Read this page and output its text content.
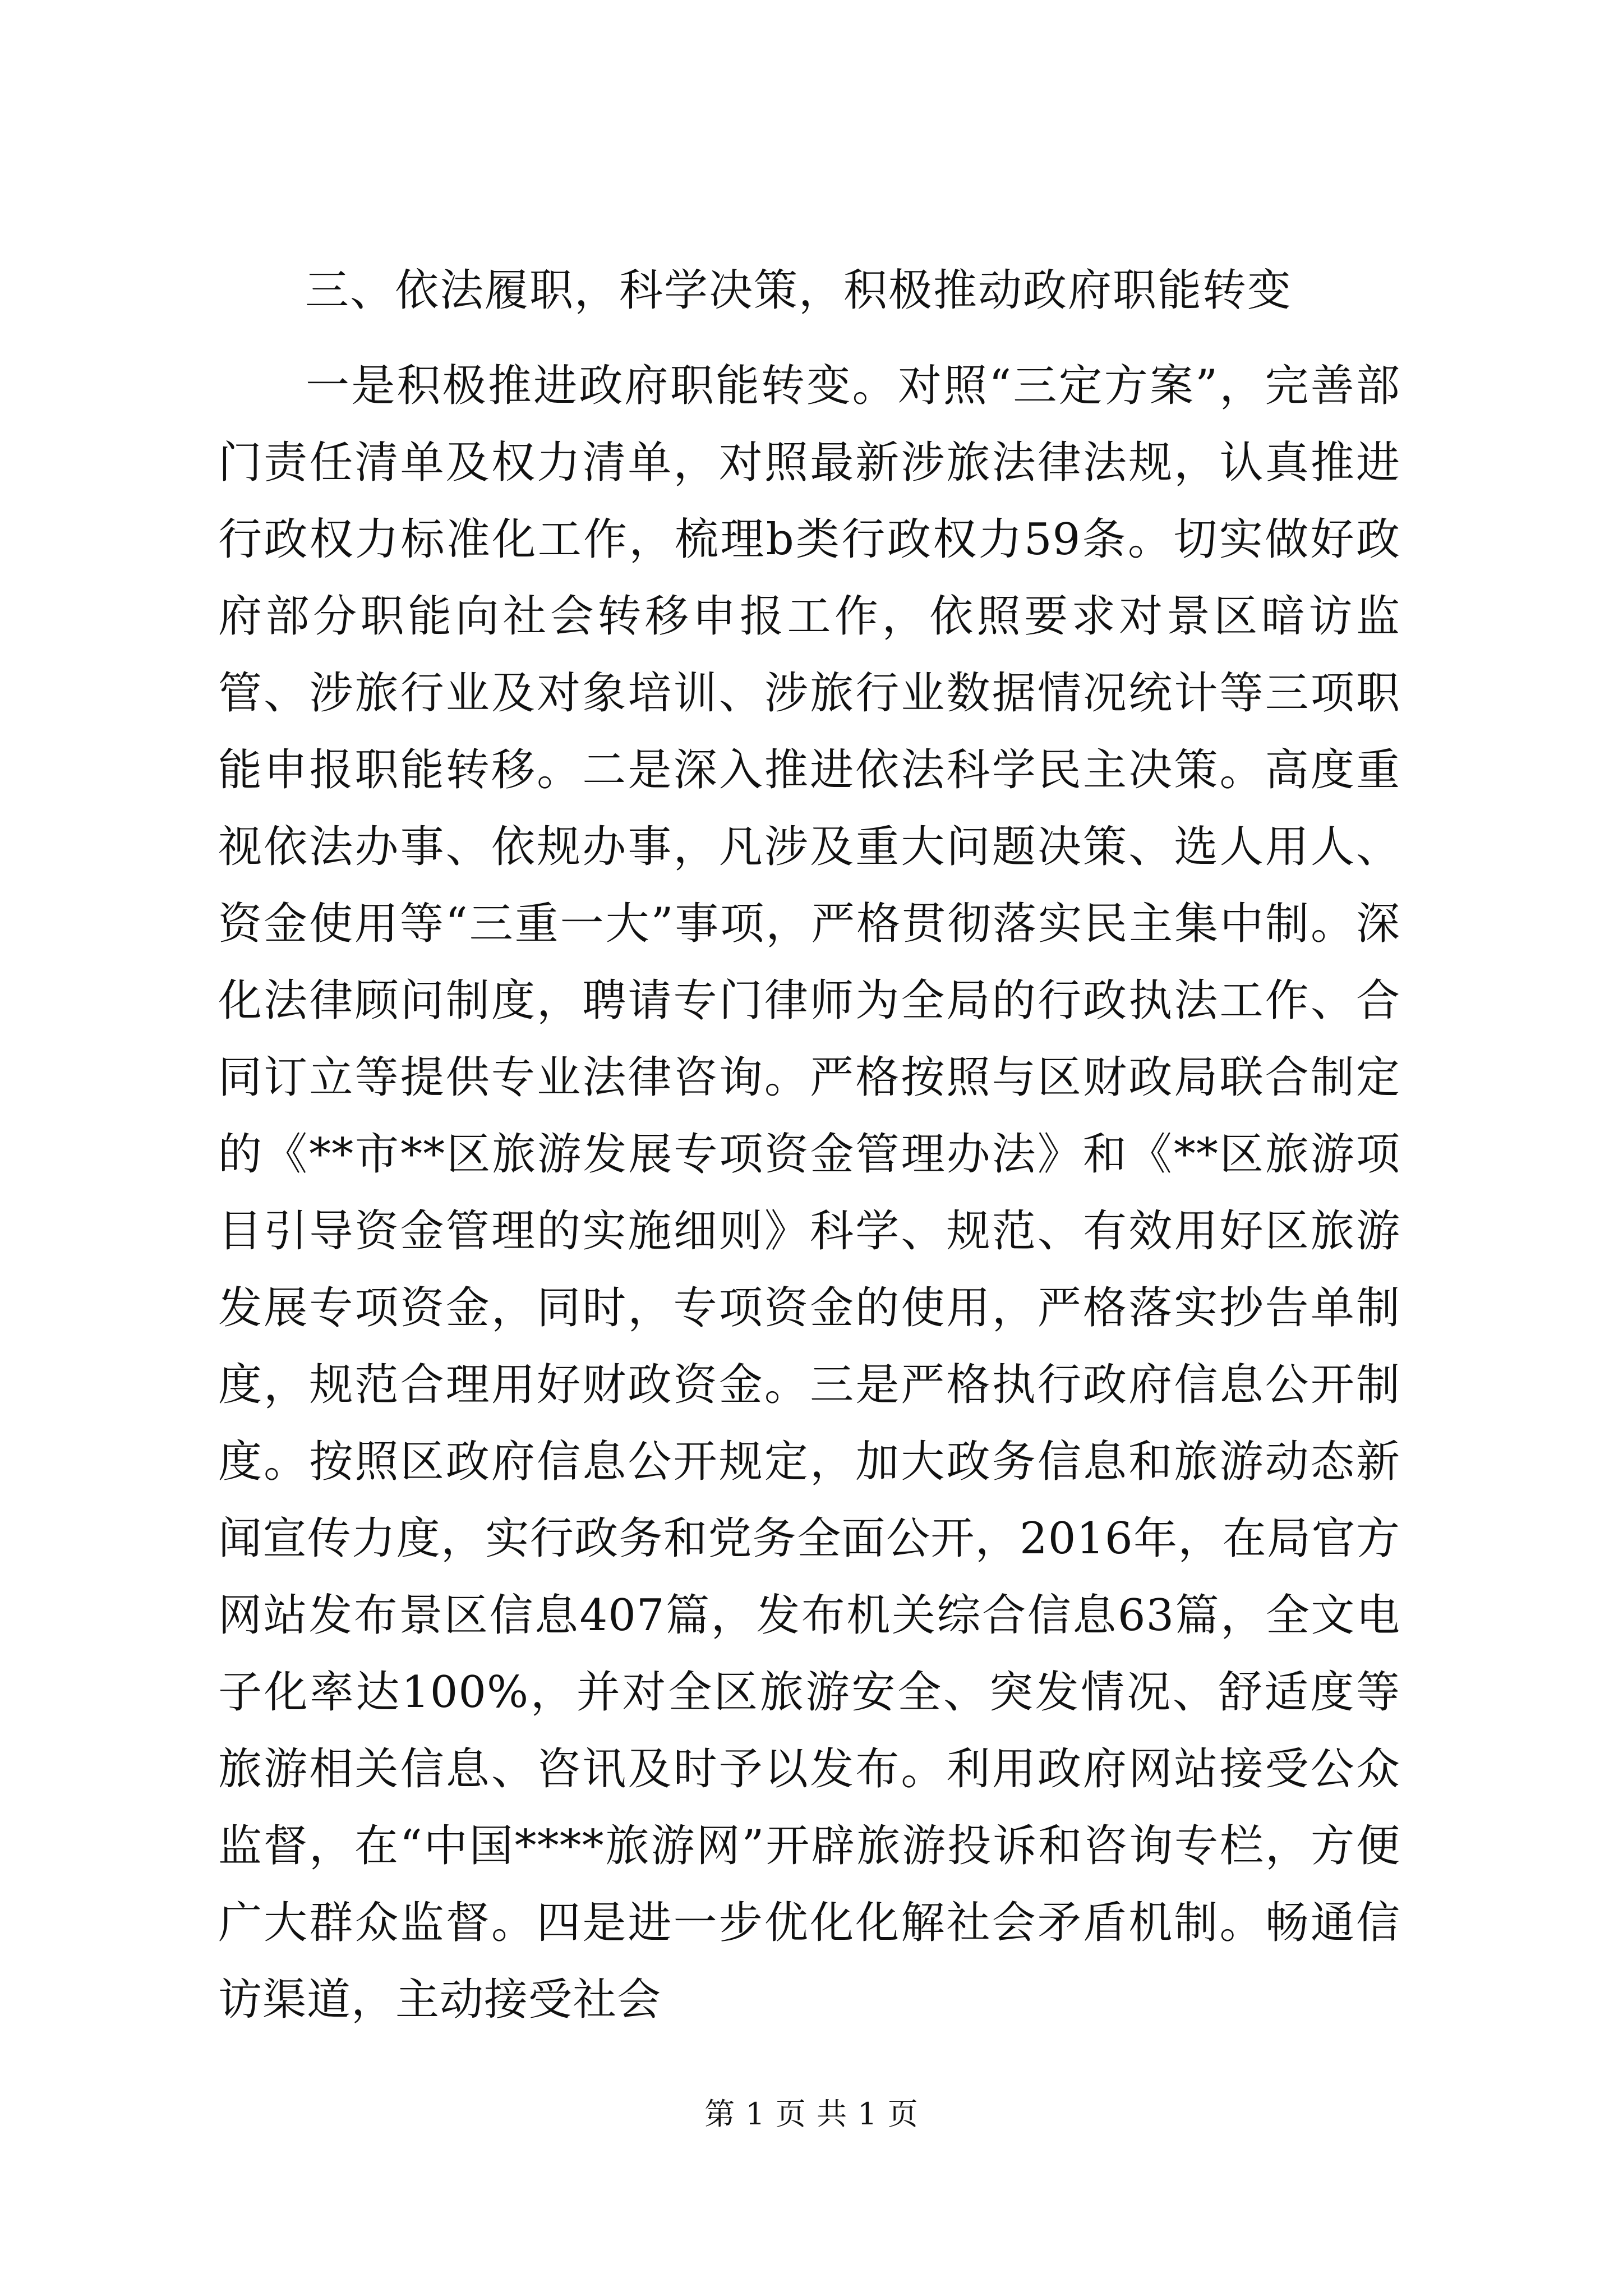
三、依法履职，科学决策，积极推动政府职能转变

一是积极推进政府职能转变。对照“三定方案”，完善部门责任清单及权力清单，对照最新涉旅法律法规，认真推进行政权力标准化工作，梳理b类行政权力59条。切实做好政府部分职能向社会转移申报工作，依照要求对景区暗访监管、涉旅行业及对象培训、涉旅行业数据情况统计等三项职能申报职能转移。二是深入推进依法科学民主决策。高度重视依法办事、依规办事，凡涉及重大问题决策、选人用人、资金使用等“三重一大”事项，严格贯彻落实民主集中制。深化法律顾问制度，聘请专门律师为全局的行政执法工作、合同订立等提供专业法律咨询。严格按照与区财政局联合制定的《**市**区旅游发展专项资金管理办法》和《**区旅游项目引导资金管理的实施细则》科学、规范、有效用好区旅游发展专项资金，同时，专项资金的使用，严格落实抄告单制度，规范合理用好财政资金。三是严格执行政府信息公开制度。按照区政府信息公开规定，加大政务信息和旅游动态新闻宣传力度，实行政务和党务全面公开，2016年，在局官方网站发布景区信息407篇，发布机关综合信息63篇，全文电子化率达100%，并对全区旅游安全、突发情况、舒适度等旅游相关信息、咨讯及时予以发布。利用政府网站接受公众监督，在“中国****旅游网”开辟旅游投诉和咨询专栏，方便广大群众监督。四是进一步优化化解社会矛盾机制。畅通信访渠道，主动接受社会

第 1 页 共 1 页
